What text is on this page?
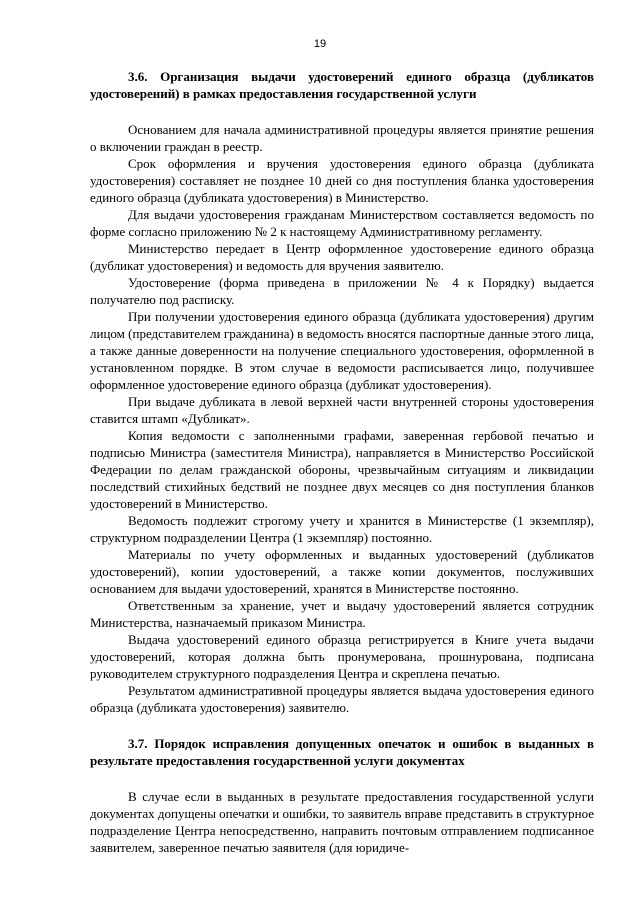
19

3.6. Организация выдачи удостоверений единого образца (дубликатов удостоверений) в рамках предоставления государственной услуги

Основанием для начала административной процедуры является принятие решения о включении граждан в реестр.

Срок оформления и вручения удостоверения единого образца (дубликата удостоверения) составляет не позднее 10 дней со дня поступления бланка удостоверения единого образца (дубликата удостоверения) в Министерство.

Для выдачи удостоверения гражданам Министерством составляется ведомость по форме согласно приложению № 2 к настоящему Административному регламенту.

Министерство передает в Центр оформленное удостоверение единого образца (дубликат удостоверения) и ведомость для вручения заявителю.

Удостоверение (форма приведена в приложении № 4 к Порядку) выдается получателю под расписку.

При получении удостоверения единого образца (дубликата удостоверения) другим лицом (представителем гражданина) в ведомость вносятся паспортные данные этого лица, а также данные доверенности на получение специального удостоверения, оформленной в установленном порядке. В этом случае в ведомости расписывается лицо, получившее оформленное удостоверение единого образца (дубликат удостоверения).

При выдаче дубликата в левой верхней части внутренней стороны удостоверения ставится штамп «Дубликат».

Копия ведомости с заполненными графами, заверенная гербовой печатью и подписью Министра (заместителя Министра), направляется в Министерство Российской Федерации по делам гражданской обороны, чрезвычайным ситуациям и ликвидации последствий стихийных бедствий не позднее двух месяцев со дня поступления бланков удостоверений в Министерство.

Ведомость подлежит строгому учету и хранится в Министерстве (1 экземпляр), структурном подразделении Центра (1 экземпляр) постоянно.

Материалы по учету оформленных и выданных удостоверений (дубликатов удостоверений), копии удостоверений, а также копии документов, послуживших основанием для выдачи удостоверений, хранятся в Министерстве постоянно.

Ответственным за хранение, учет и выдачу удостоверений является сотрудник Министерства, назначаемый приказом Министра.

Выдача удостоверений единого образца регистрируется в Книге учета выдачи удостоверений, которая должна быть пронумерована, прошнурована, подписана руководителем структурного подразделения Центра и скреплена печатью.

Результатом административной процедуры является выдача удостоверения единого образца (дубликата удостоверения) заявителю.

3.7. Порядок исправления допущенных опечаток и ошибок в выданных в результате предоставления государственной услуги документах

В случае если в выданных в результате предоставления государственной услуги документах допущены опечатки и ошибки, то заявитель вправе представить в структурное подразделение Центра непосредственно, направить почтовым отправлением подписанное заявителем, заверенное печатью заявителя (для юридиче-
